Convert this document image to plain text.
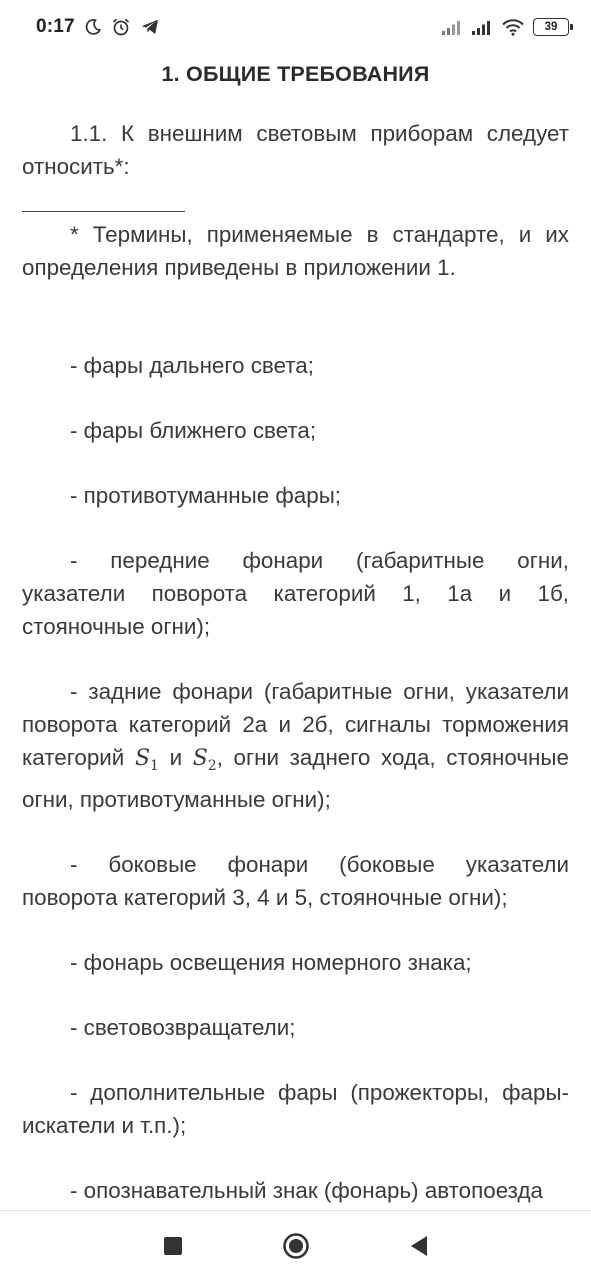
0:17	39
1. ОБЩИЕ ТРЕБОВАНИЯ

1.1. К внешним световым приборам следует относить*:

* Термины, применяемые в стандарте, и их определения приведены в приложении 1.

- фары дальнего света;

- фары ближнего света;

- противотуманные фары;

- передние фонари (габаритные огни, указатели поворота категорий 1, 1а и 1б, стояночные огни);

- задние фонари (габаритные огни, указатели поворота категорий 2а и 2б, сигналы торможения категорий $S_1$ и $S_2$, огни заднего хода, стояночные огни, противотуманные огни);

- боковые фонари (боковые указатели поворота категорий 3, 4 и 5, стояночные огни);

- фонарь освещения номерного знака;

- световозвращатели;

- дополнительные фары (прожекторы, фары-искатели и т.п.);

- опознавательный знак (фонарь) автопоезда
